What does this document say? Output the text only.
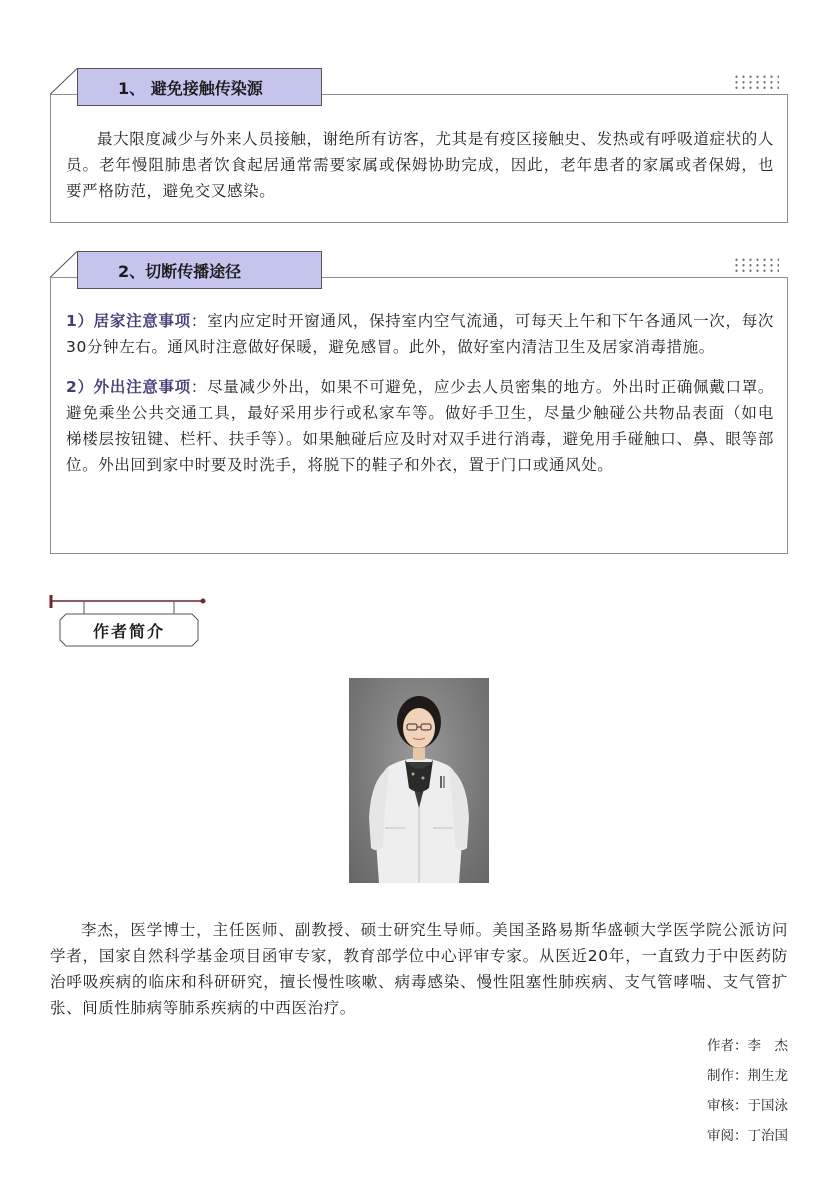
1、 避免接触传染源

最大限度减少与外来人员接触，谢绝所有访客，尤其是有疫区接触史、发热或有呼吸道症状的人员。老年慢阻肺患者饮食起居通常需要家属或保姆协助完成，因此，老年患者的家属或者保姆，也要严格防范，避免交叉感染。

2、切断传播途径

1）居家注意事项：室内应定时开窗通风，保持室内空气流通，可每天上午和下午各通风一次，每次30分钟左右。通风时注意做好保暖，避免感冒。此外，做好室内清洁卫生及居家消毒措施。

2）外出注意事项：尽量减少外出，如果不可避免，应少去人员密集的地方。外出时正确佩戴口罩。避免乘坐公共交通工具，最好采用步行或私家车等。做好手卫生，尽量少触碰公共物品表面（如电梯楼层按钮键、栏杆、扶手等）。如果触碰后应及时对双手进行消毒，避免用手碰触口、鼻、眼等部位。外出回到家中时要及时洗手，将脱下的鞋子和外衣，置于门口或通风处。

作者简介

李杰，医学博士，主任医师、副教授、硕士研究生导师。美国圣路易斯华盛顿大学医学院公派访问学者，国家自然科学基金项目函审专家，教育部学位中心评审专家。从医近20年，一直致力于中医药防治呼吸疾病的临床和科研研究，擅长慢性咳嗽、病毒感染、慢性阻塞性肺疾病、支气管哮喘、支气管扩张、间质性肺病等肺系疾病的中西医治疗。

作者：李　杰
制作：荆生龙
审核：于国泳
审阅：丁治国
